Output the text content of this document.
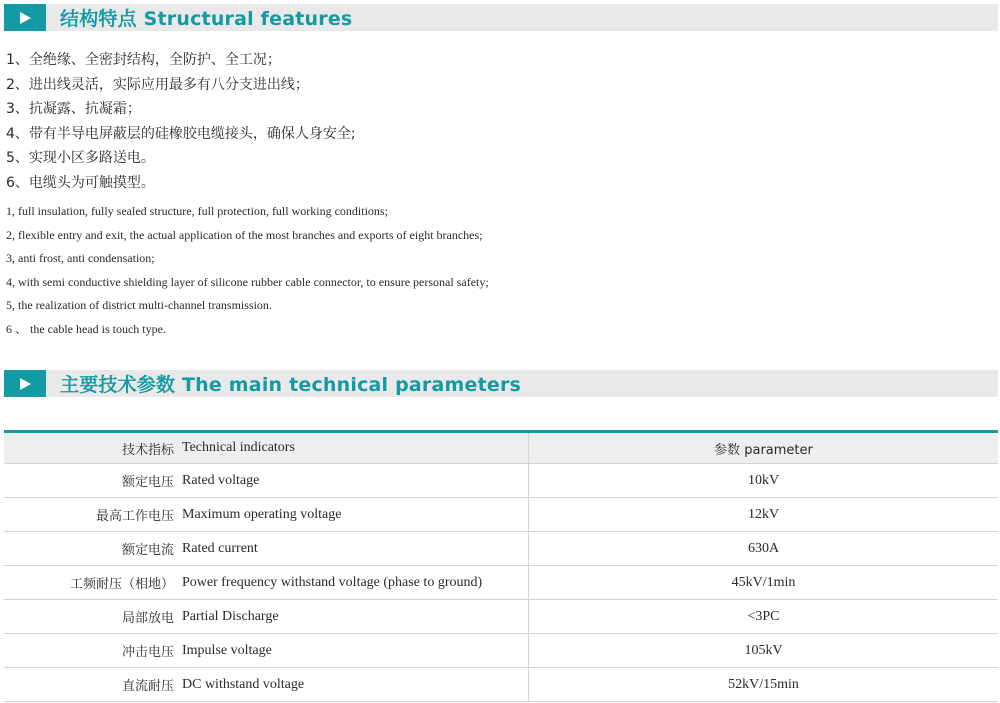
结构特点 Structural features
1、全绝缘、全密封结构，全防护、全工况；
2、进出线灵活，实际应用最多有八分支进出线；
3、抗凝露、抗凝霜；
4、带有半导电屏蔽层的硅橡胶电缆接头，确保人身安全;
5、实现小区多路送电。
6、电缆头为可触摸型。
1, full insulation, fully sealed structure, full protection, full working conditions;
2, flexible entry and exit, the actual application of the most branches and exports of eight branches;
3, anti frost, anti condensation;
4, with semi conductive shielding layer of silicone rubber cable connector, to ensure personal safety;
5, the realization of district multi-channel transmission.
6 、 the cable head is touch type.
主要技术参数 The main technical parameters
技术指标	Technical indicators	参数 parameter
额定电压	Rated voltage	10kV
最高工作电压	Maximum operating voltage	12kV
额定电流	Rated current	630A
工频耐压（相地）	Power frequency withstand voltage (phase to ground)	45kV/1min
局部放电	Partial Discharge	<3PC
冲击电压	Impulse voltage	105kV
直流耐压	DC withstand voltage	52kV/15min
